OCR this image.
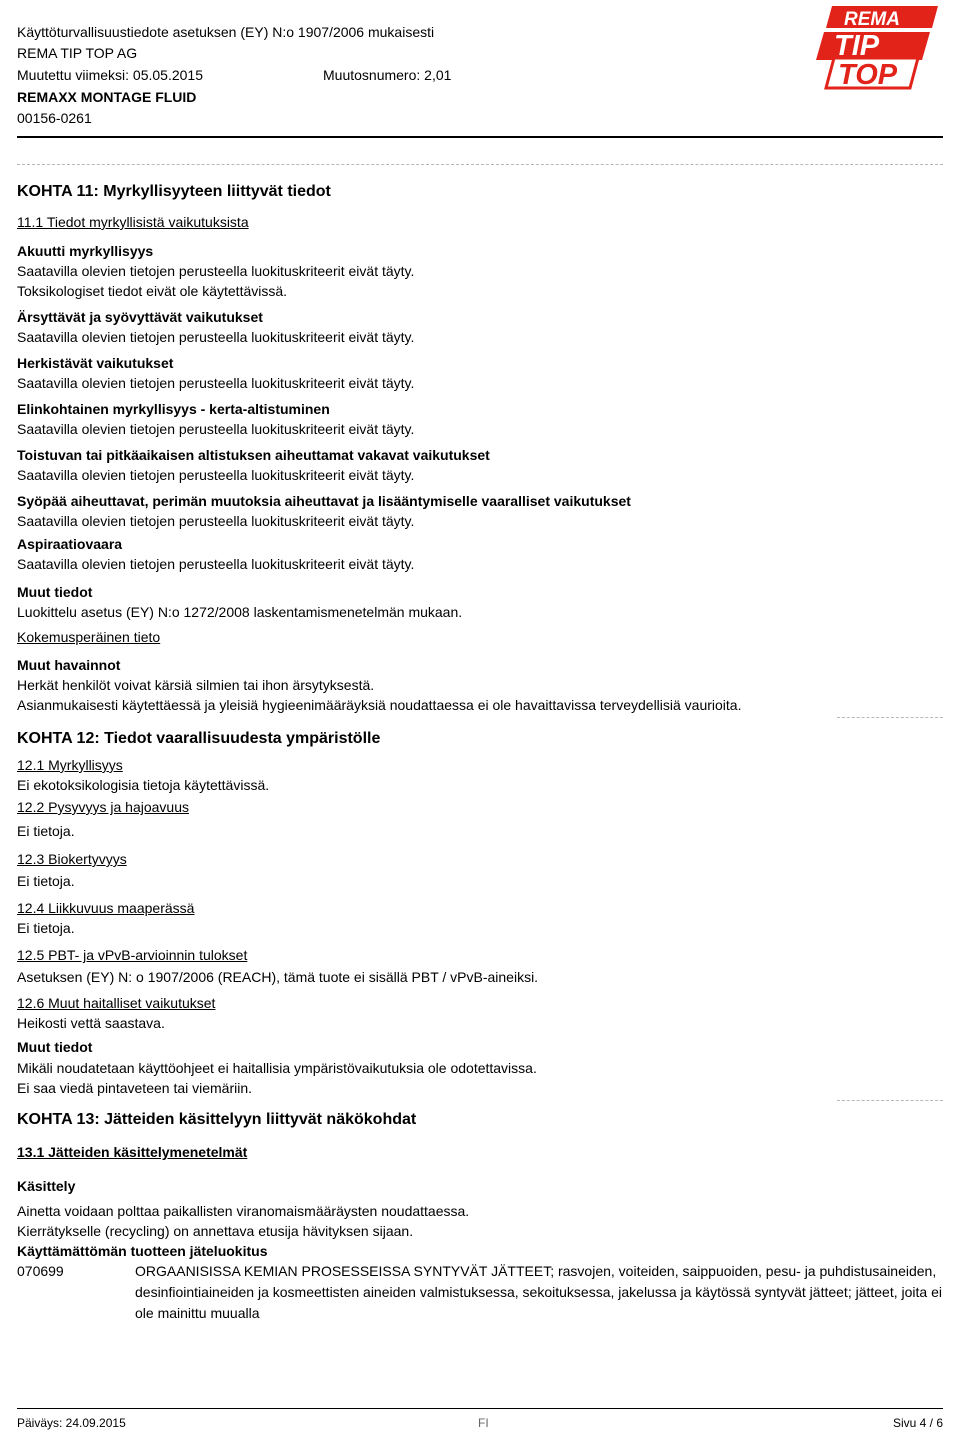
Käyttöturvallisuustiedote asetuksen (EY) N:o 1907/2006 mukaisesti
REMA TIP TOP AG
Muutettu viimeksi: 05.05.2015	Muutosnumero: 2,01
REMAXX MONTAGE FLUID
00156-0261
REMA
TIP
TOP
KOHTA 11: Myrkyllisyyteen liittyvät tiedot
11.1 Tiedot myrkyllisistä vaikutuksista
Akuutti myrkyllisyys
Saatavilla olevien tietojen perusteella luokituskriteerit eivät täyty.
Toksikologiset tiedot eivät ole käytettävissä.
Ärsyttävät ja syövyttävät vaikutukset
Saatavilla olevien tietojen perusteella luokituskriteerit eivät täyty.
Herkistävät vaikutukset
Saatavilla olevien tietojen perusteella luokituskriteerit eivät täyty.
Elinkohtainen myrkyllisyys - kerta-altistuminen
Saatavilla olevien tietojen perusteella luokituskriteerit eivät täyty.
Toistuvan tai pitkäaikaisen altistuksen aiheuttamat vakavat vaikutukset
Saatavilla olevien tietojen perusteella luokituskriteerit eivät täyty.
Syöpää aiheuttavat, perimän muutoksia aiheuttavat ja lisääntymiselle vaaralliset vaikutukset
Saatavilla olevien tietojen perusteella luokituskriteerit eivät täyty.
Aspiraatiovaara
Saatavilla olevien tietojen perusteella luokituskriteerit eivät täyty.
Muut tiedot
Luokittelu asetus (EY) N:o 1272/2008 laskentamismenetelmän mukaan.
Kokemusperäinen tieto
Muut havainnot
Herkät henkilöt voivat kärsiä silmien tai ihon ärsytyksestä.
Asianmukaisesti käytettäessä ja yleisiä hygieenimääräyksiä noudattaessa ei ole havaittavissa terveydellisiä vaurioita.
KOHTA 12: Tiedot vaarallisuudesta ympäristölle
12.1 Myrkyllisyys
Ei ekotoksikologisia tietoja käytettävissä.
12.2 Pysyvyys ja hajoavuus
Ei tietoja.
12.3 Biokertyvyys
Ei tietoja.
12.4 Liikkuvuus maaperässä
Ei tietoja.
12.5 PBT- ja vPvB-arvioinnin tulokset
Asetuksen (EY) N: o 1907/2006 (REACH), tämä tuote ei sisällä PBT / vPvB-aineiksi.
12.6 Muut haitalliset vaikutukset
Heikosti vettä saastava.
Muut tiedot
Mikäli noudatetaan käyttöohjeet ei haitallisia ympäristövaikutuksia ole odotettavissa.
Ei saa viedä pintaveteen tai viemäriin.
KOHTA 13: Jätteiden käsittelyyn liittyvät näkökohdat
13.1 Jätteiden käsittelymenetelmät
Käsittely
Ainetta voidaan polttaa paikallisten viranomaismääräysten noudattaessa.
Kierrätykselle (recycling) on annettava etusija hävityksen sijaan.
Käyttämättömän tuotteen jäteluokitus
070699	ORGAANISISSA KEMIAN PROSESSEISSA SYNTYVÄT JÄTTEET; rasvojen, voiteiden, saippuoiden, pesu- ja puhdistusaineiden, desinfiointiaineiden ja kosmeettisten aineiden valmistuksessa, sekoituksessa, jakelussa ja käytössä syntyvät jätteet; jätteet, joita ei ole mainittu muualla
Päiväys: 24.09.2015	FI	Sivu 4 / 6
